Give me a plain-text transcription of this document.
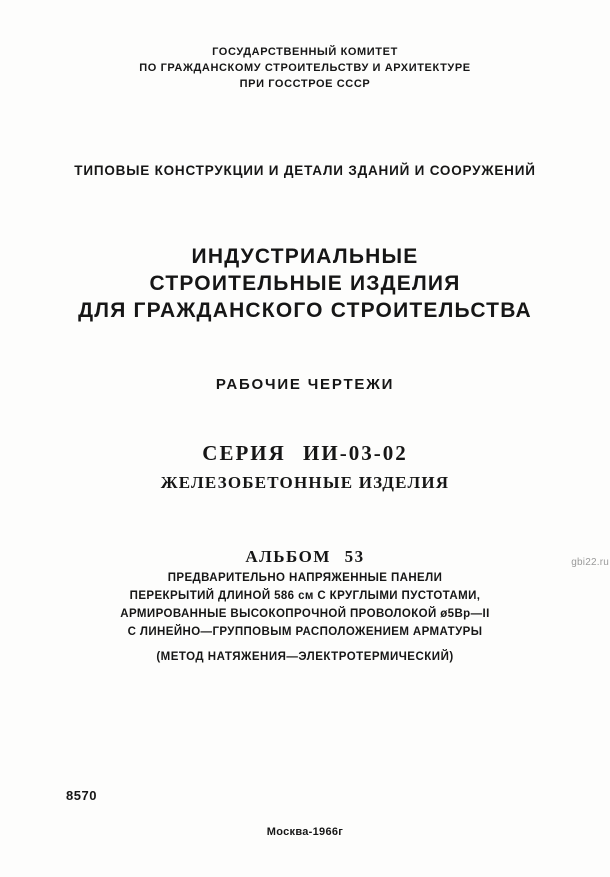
ГОСУДАРСТВЕННЫЙ КОМИТЕТ
ПО ГРАЖДАНСКОМУ СТРОИТЕЛЬСТВУ И АРХИТЕКТУРЕ
ПРИ ГОССТРОЕ СССР
ТИПОВЫЕ КОНСТРУКЦИИ И ДЕТАЛИ ЗДАНИЙ И СООРУЖЕНИЙ
ИНДУСТРИАЛЬНЫЕ
СТРОИТЕЛЬНЫЕ ИЗДЕЛИЯ
ДЛЯ ГРАЖДАНСКОГО СТРОИТЕЛЬСТВА
РАБОЧИЕ ЧЕРТЕЖИ
СЕРИЯ ИИ-03-02
ЖЕЛЕЗОБЕТОННЫЕ ИЗДЕЛИЯ
АЛЬБОМ 53
ПРЕДВАРИТЕЛЬНО НАПРЯЖЕННЫЕ ПАНЕЛИ
ПЕРЕКРЫТИЙ ДЛИНОЙ 586 см С КРУГЛЫМИ ПУСТОТАМИ,
АРМИРОВАННЫЕ ВЫСОКОПРОЧНОЙ ПРОВОЛОКОЙ ø5Вр—II
С ЛИНЕЙНО—ГРУППОВЫМ РАСПОЛОЖЕНИЕМ АРМАТУРЫ
(МЕТОД НАТЯЖЕНИЯ—ЭЛЕКТРОТЕРМИЧЕСКИЙ)
8570
Москва-1966г
gbi22.ru
